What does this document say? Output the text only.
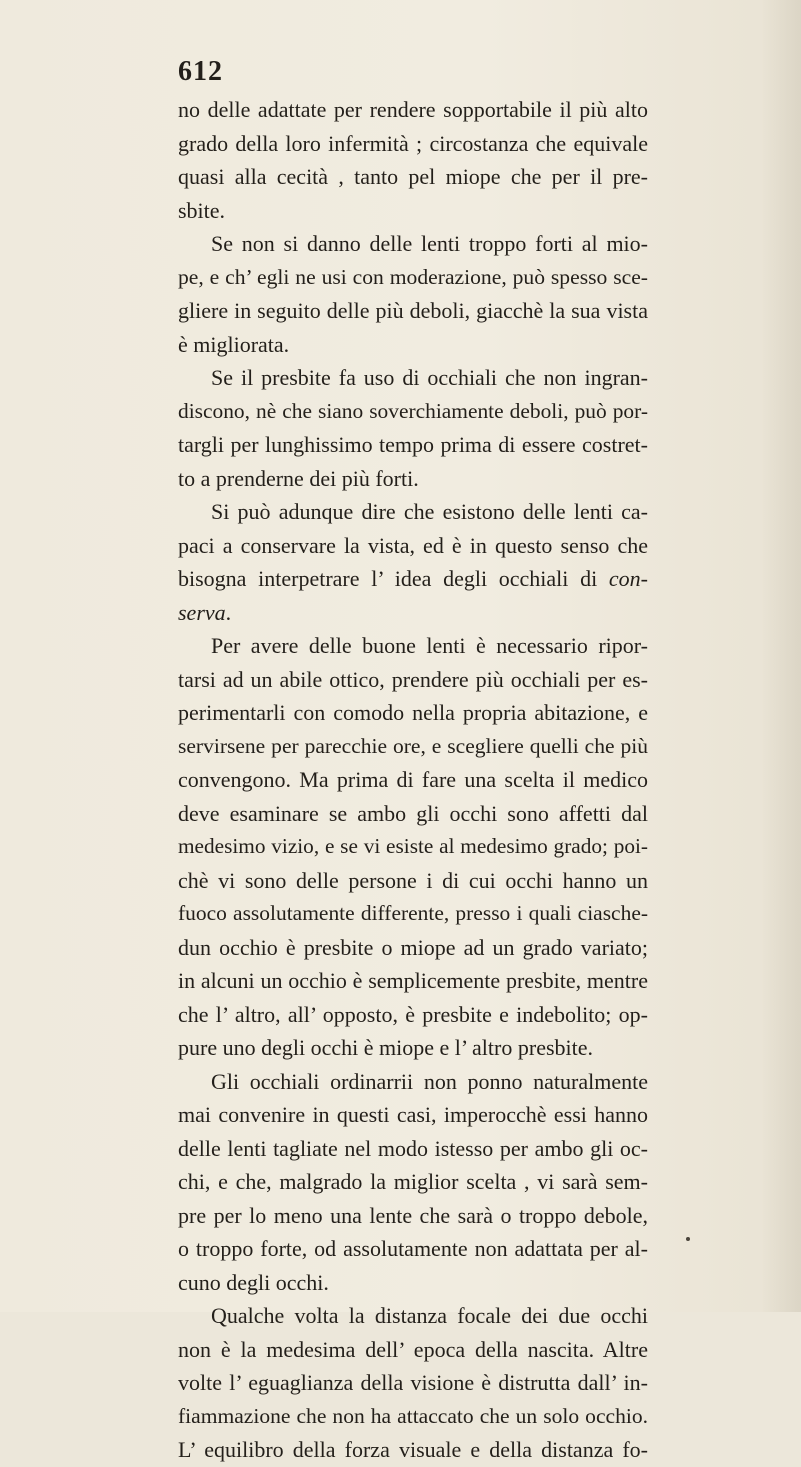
612
no delle adattate per rendere sopportabile il più alto
grado della loro infermità ; circostanza che equivale
quasi alla cecità , tanto pel miope che per il pre-
sbite.
Se non si danno delle lenti troppo forti al mio-
pe, e ch’ egli ne usi con moderazione, può spesso sce-
gliere in seguito delle più deboli, giacchè la sua vista
è migliorata.
Se il presbite fa uso di occhiali che non ingran-
discono, nè che siano soverchiamente deboli, può por-
targli per lunghissimo tempo prima di essere costret-
to a prenderne dei più forti.
Si può adunque dire che esistono delle lenti ca-
paci a conservare la vista, ed è in questo senso che
bisogna interpetrare l’ idea degli occhiali di con-
serva.
Per avere delle buone lenti è necessario ripor-
tarsi ad un abile ottico, prendere più occhiali per es-
perimentarli con comodo nella propria abitazione, e
servirsene per parecchie ore, e scegliere quelli che più
convengono. Ma prima di fare una scelta il medico
deve esaminare se ambo gli occhi sono affetti dal
medesimo vizio, e se vi esiste al medesimo grado; poi-
chè vi sono delle persone i di cui occhi hanno un
fuoco assolutamente differente, presso i quali ciasche-
dun occhio è presbite o miope ad un grado variato;
in alcuni un occhio è semplicemente presbite, mentre
che l’ altro, all’ opposto, è presbite e indebolito; op-
pure uno degli occhi è miope e l’ altro presbite.
Gli occhiali ordinarrii non ponno naturalmente
mai convenire in questi casi, imperocchè essi hanno
delle lenti tagliate nel modo istesso per ambo gli oc-
chi, e che, malgrado la miglior scelta , vi sarà sem-
pre per lo meno una lente che sarà o troppo debole,
o troppo forte, od assolutamente non adattata per al-
cuno degli occhi.
Qualche volta la distanza focale dei due occhi
non è la medesima dell’ epoca della nascita. Altre
volte l’ eguaglianza della visione è distrutta dall’ in-
fiammazione che non ha attaccato che un solo occhio.
L’ equilibro della forza visuale e della distanza fo-
